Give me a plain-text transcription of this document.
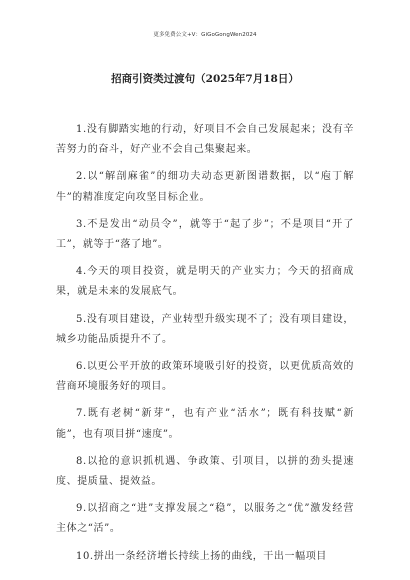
更多免费公文+V：GiGoGongWen2024
招商引资类过渡句（2025年7月18日）

1.没有脚踏实地的行动，好项目不会自己发展起来；没有辛苦努力的奋斗，好产业不会自己集聚起来。

2.以“解剖麻雀”的细功夫动态更新图谱数据，以“庖丁解牛”的精准度定向攻坚目标企业。

3.不是发出“动员令”，就等于“起了步”；不是项目“开了工”，就等于“落了地”。

4.今天的项目投资，就是明天的产业实力；今天的招商成果，就是未来的发展底气。

5.没有项目建设，产业转型升级实现不了；没有项目建设，城乡功能品质提升不了。

6.以更公平开放的政策环境吸引好的投资，以更优质高效的营商环境服务好的项目。

7.既有老树“新芽”，也有产业“活水”；既有科技赋“新能”，也有项目拼“速度”。

8.以抢的意识抓机遇、争政策、引项目，以拼的劲头提速度、提质量、提效益。

9.以招商之“进”支撑发展之“稳”，以服务之“优”激发经营主体之“活”。

10.拼出一条经济增长持续上扬的曲线，干出一幅项目
